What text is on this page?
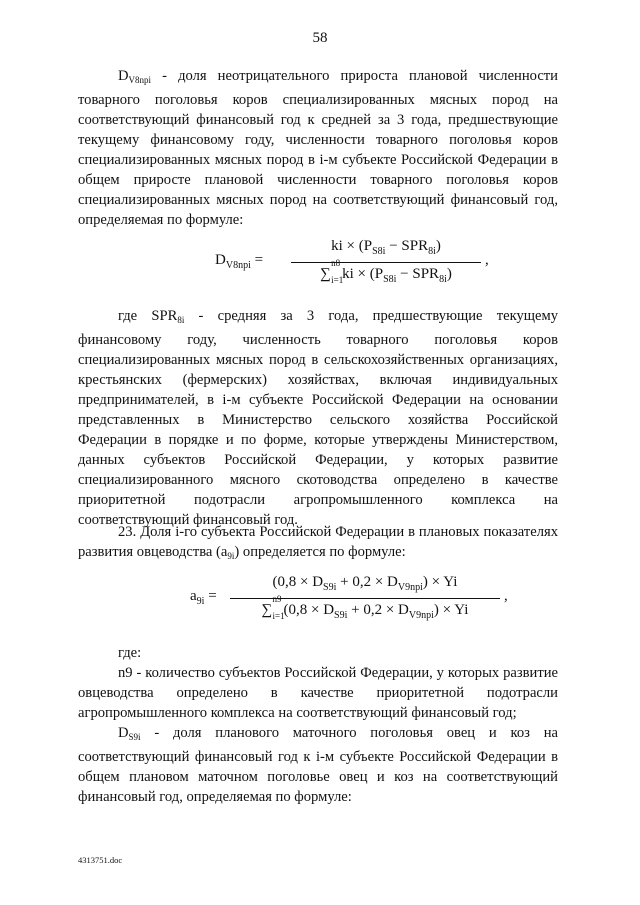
58

$D_{V8npi}$ - доля неотрицательного прироста плановой численности товарного поголовья коров специализированных мясных пород на соответствующий финансовый год к средней за 3 года, предшествующие текущему финансовому году, численности товарного поголовья коров специализированных мясных пород в i-м субъекте Российской Федерации в общем приросте плановой численности товарного поголовья коров специализированных мясных пород на соответствующий финансовый год, определяемая по формуле:

$D_{V8npi}$ =
ki × $(P_{S8i} - SPR_{8i})$
∑
n8
i=1
ki × $(P_{S8i} - SPR_{8i})$
,

где $SPR_{8i}$ - средняя за 3 года, предшествующие текущему финансовому году, численность товарного поголовья коров специализированных мясных пород в сельскохозяйственных организациях, крестьянских (фермерских) хозяйствах, включая индивидуальных предпринимателей, в i-м субъекте Российской Федерации на основании представленных в Министерство сельского хозяйства Российской Федерации в порядке и по форме, которые утверждены Министерством, данных субъектов Российской Федерации, у которых развитие специализированного мясного скотоводства определено в качестве приоритетной подотрасли агропромышленного комплекса на соответствующий финансовый год.

23. Доля i-го субъекта Российской Федерации в плановых показателях развития овцеводства $(а_{9i})$ определяется по формуле:

$a_{9i}$ =
$(0,8 \times D_{S9i} + 0,2 \times D_{V9npi}) \times Yi$
∑
n9
i=1
$(0,8 \times D_{S9i} + 0,2 \times D_{V9npi}) \times Yi$
,

где:

n9 - количество субъектов Российской Федерации, у которых развитие овцеводства определено в качестве приоритетной подотрасли агропромышленного комплекса на соответствующий финансовый год;

$D_{S9i}$ - доля планового маточного поголовья овец и коз на соответствующий финансовый год к i-м субъекте Российской Федерации в общем плановом маточном поголовье овец и коз на соответствующий финансовый год, определяемая по формуле:

4313751.doc
